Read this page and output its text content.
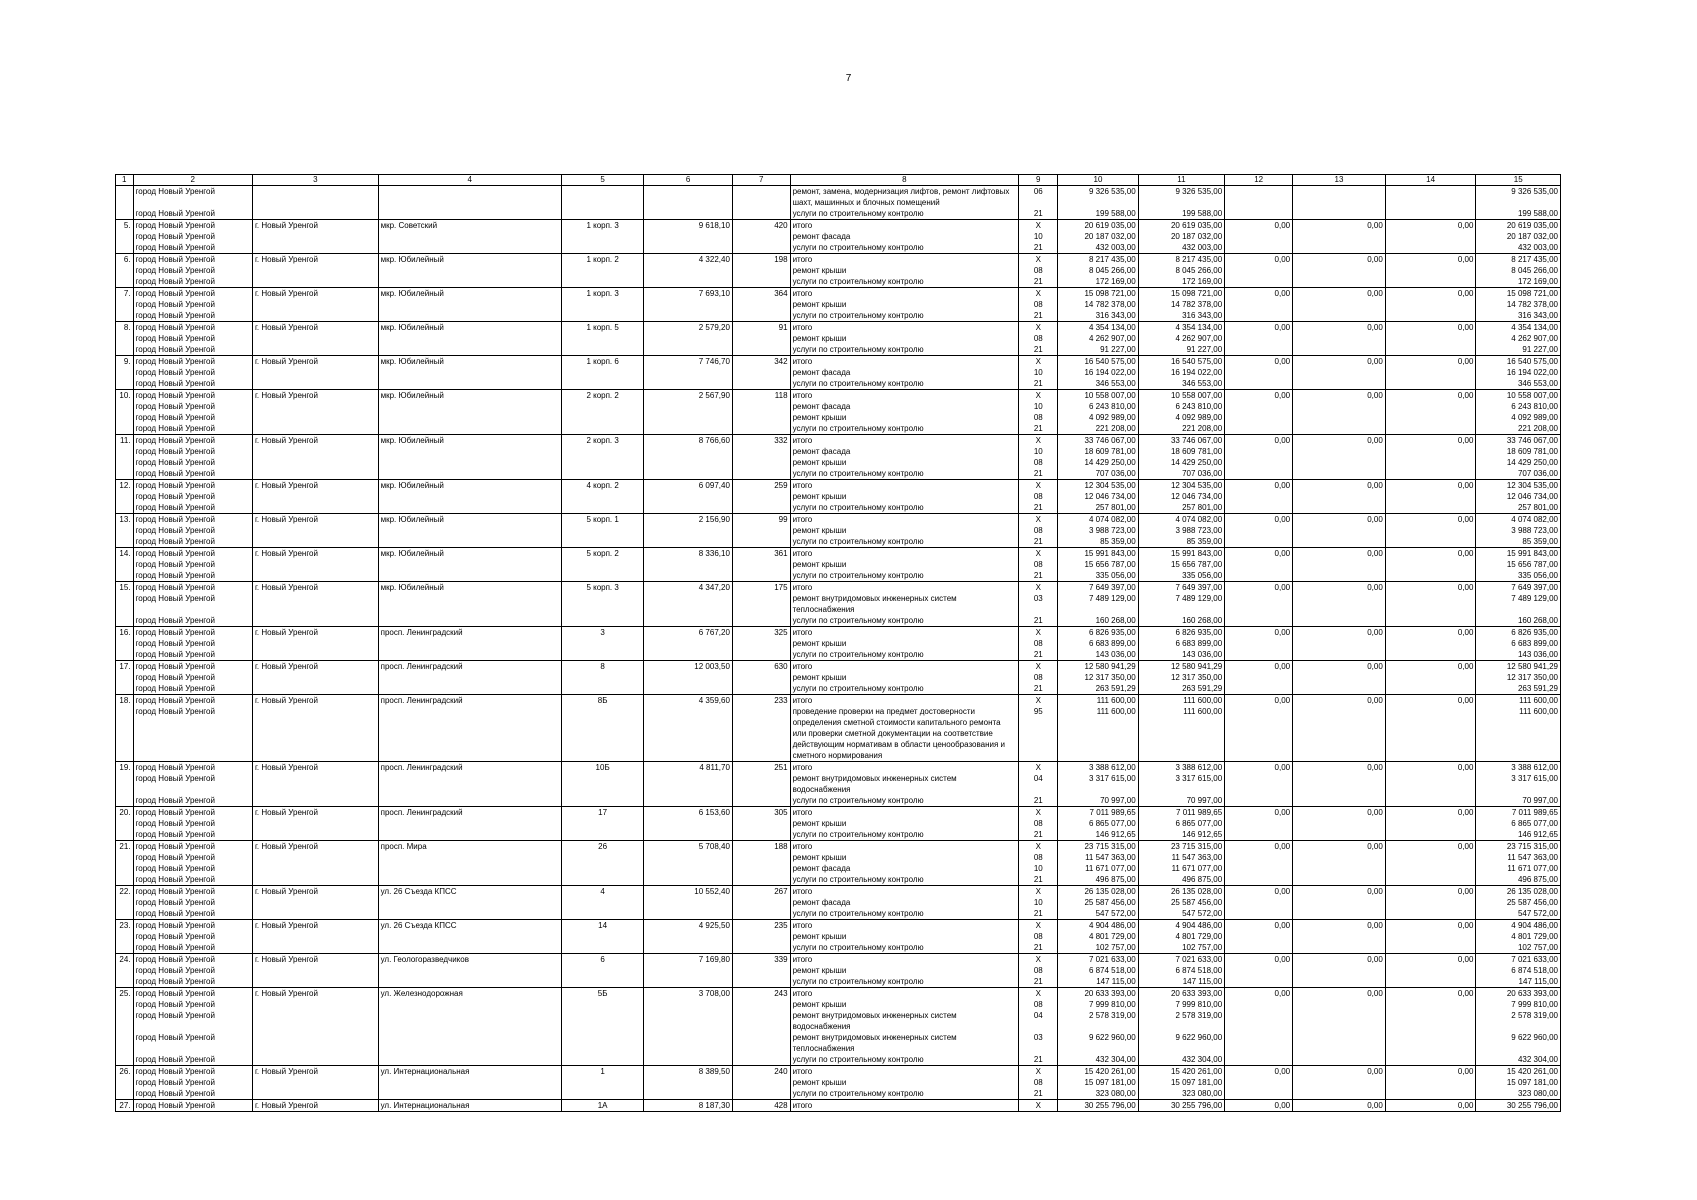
7
1	2	3	4	5	6	7	8	9	10	11	12	13	14	15
	город Новый Уренгой						ремонт, замена, модернизация лифтов, ремонт лифтовых шахт, машинных и блочных помещений	06	9 326 535,00	9 326 535,00				9 326 535,00
	город Новый Уренгой						услуги по строительному контролю	21	199 588,00	199 588,00				199 588,00
5.	город Новый Уренгой	г. Новый Уренгой	мкр. Советский	1 корп. 3	9 618,10	420	итого	X	20 619 035,00	20 619 035,00	0,00	0,00	0,00	20 619 035,00
	город Новый Уренгой						ремонт фасада	10	20 187 032,00	20 187 032,00				20 187 032,00
	город Новый Уренгой						услуги по строительному контролю	21	432 003,00	432 003,00				432 003,00
6.	город Новый Уренгой	г. Новый Уренгой	мкр. Юбилейный	1 корп. 2	4 322,40	198	итого	X	8 217 435,00	8 217 435,00	0,00	0,00	0,00	8 217 435,00
	город Новый Уренгой						ремонт крыши	08	8 045 266,00	8 045 266,00				8 045 266,00
	город Новый Уренгой						услуги по строительному контролю	21	172 169,00	172 169,00				172 169,00
7.	город Новый Уренгой	г. Новый Уренгой	мкр. Юбилейный	1 корп. 3	7 693,10	364	итого	X	15 098 721,00	15 098 721,00	0,00	0,00	0,00	15 098 721,00
	город Новый Уренгой						ремонт крыши	08	14 782 378,00	14 782 378,00				14 782 378,00
	город Новый Уренгой						услуги по строительному контролю	21	316 343,00	316 343,00				316 343,00
8.	город Новый Уренгой	г. Новый Уренгой	мкр. Юбилейный	1 корп. 5	2 579,20	91	итого	X	4 354 134,00	4 354 134,00	0,00	0,00	0,00	4 354 134,00
	город Новый Уренгой						ремонт крыши	08	4 262 907,00	4 262 907,00				4 262 907,00
	город Новый Уренгой						услуги по строительному контролю	21	91 227,00	91 227,00				91 227,00
9.	город Новый Уренгой	г. Новый Уренгой	мкр. Юбилейный	1 корп. 6	7 746,70	342	итого	X	16 540 575,00	16 540 575,00	0,00	0,00	0,00	16 540 575,00
	город Новый Уренгой						ремонт фасада	10	16 194 022,00	16 194 022,00				16 194 022,00
	город Новый Уренгой						услуги по строительному контролю	21	346 553,00	346 553,00				346 553,00
10.	город Новый Уренгой	г. Новый Уренгой	мкр. Юбилейный	2 корп. 2	2 567,90	118	итого	X	10 558 007,00	10 558 007,00	0,00	0,00	0,00	10 558 007,00
	город Новый Уренгой						ремонт фасада	10	6 243 810,00	6 243 810,00				6 243 810,00
	город Новый Уренгой						ремонт крыши	08	4 092 989,00	4 092 989,00				4 092 989,00
	город Новый Уренгой						услуги по строительному контролю	21	221 208,00	221 208,00				221 208,00
11.	город Новый Уренгой	г. Новый Уренгой	мкр. Юбилейный	2 корп. 3	8 766,60	332	итого	X	33 746 067,00	33 746 067,00	0,00	0,00	0,00	33 746 067,00
	город Новый Уренгой						ремонт фасада	10	18 609 781,00	18 609 781,00				18 609 781,00
	город Новый Уренгой						ремонт крыши	08	14 429 250,00	14 429 250,00				14 429 250,00
	город Новый Уренгой						услуги по строительному контролю	21	707 036,00	707 036,00				707 036,00
12.	город Новый Уренгой	г. Новый Уренгой	мкр. Юбилейный	4 корп. 2	6 097,40	259	итого	X	12 304 535,00	12 304 535,00	0,00	0,00	0,00	12 304 535,00
	город Новый Уренгой						ремонт крыши	08	12 046 734,00	12 046 734,00				12 046 734,00
	город Новый Уренгой						услуги по строительному контролю	21	257 801,00	257 801,00				257 801,00
13.	город Новый Уренгой	г. Новый Уренгой	мкр. Юбилейный	5 корп. 1	2 156,90	99	итого	X	4 074 082,00	4 074 082,00	0,00	0,00	0,00	4 074 082,00
	город Новый Уренгой						ремонт крыши	08	3 988 723,00	3 988 723,00				3 988 723,00
	город Новый Уренгой						услуги по строительному контролю	21	85 359,00	85 359,00				85 359,00
14.	город Новый Уренгой	г. Новый Уренгой	мкр. Юбилейный	5 корп. 2	8 336,10	361	итого	X	15 991 843,00	15 991 843,00	0,00	0,00	0,00	15 991 843,00
	город Новый Уренгой						ремонт крыши	08	15 656 787,00	15 656 787,00				15 656 787,00
	город Новый Уренгой						услуги по строительному контролю	21	335 056,00	335 056,00				335 056,00
15.	город Новый Уренгой	г. Новый Уренгой	мкр. Юбилейный	5 корп. 3	4 347,20	175	итого	X	7 649 397,00	7 649 397,00	0,00	0,00	0,00	7 649 397,00
	город Новый Уренгой						ремонт внутридомовых инженерных систем теплоснабжения	03	7 489 129,00	7 489 129,00				7 489 129,00
	город Новый Уренгой						услуги по строительному контролю	21	160 268,00	160 268,00				160 268,00
16.	город Новый Уренгой	г. Новый Уренгой	просп. Ленинградский	3	6 767,20	325	итого	X	6 826 935,00	6 826 935,00	0,00	0,00	0,00	6 826 935,00
	город Новый Уренгой						ремонт крыши	08	6 683 899,00	6 683 899,00				6 683 899,00
	город Новый Уренгой						услуги по строительному контролю	21	143 036,00	143 036,00				143 036,00
17.	город Новый Уренгой	г. Новый Уренгой	просп. Ленинградский	8	12 003,50	630	итого	X	12 580 941,29	12 580 941,29	0,00	0,00	0,00	12 580 941,29
	город Новый Уренгой						ремонт крыши	08	12 317 350,00	12 317 350,00				12 317 350,00
	город Новый Уренгой						услуги по строительному контролю	21	263 591,29	263 591,29				263 591,29
18.	город Новый Уренгой	г. Новый Уренгой	просп. Ленинградский	8Б	4 359,60	233	итого	X	111 600,00	111 600,00	0,00	0,00	0,00	111 600,00
	город Новый Уренгой						проведение проверки на предмет достоверности определения сметной стоимости капитального ремонта или проверки сметной документации на соответствие действующим нормативам в области ценообразования и сметного нормирования	95	111 600,00	111 600,00				111 600,00
19.	город Новый Уренгой	г. Новый Уренгой	просп. Ленинградский	10Б	4 811,70	251	итого	X	3 388 612,00	3 388 612,00	0,00	0,00	0,00	3 388 612,00
	город Новый Уренгой						ремонт внутридомовых инженерных систем водоснабжения	04	3 317 615,00	3 317 615,00				3 317 615,00
	город Новый Уренгой						услуги по строительному контролю	21	70 997,00	70 997,00				70 997,00
20.	город Новый Уренгой	г. Новый Уренгой	просп. Ленинградский	17	6 153,60	305	итого	X	7 011 989,65	7 011 989,65	0,00	0,00	0,00	7 011 989,65
	город Новый Уренгой						ремонт крыши	08	6 865 077,00	6 865 077,00				6 865 077,00
	город Новый Уренгой						услуги по строительному контролю	21	146 912,65	146 912,65				146 912,65
21.	город Новый Уренгой	г. Новый Уренгой	просп. Мира	26	5 708,40	188	итого	X	23 715 315,00	23 715 315,00	0,00	0,00	0,00	23 715 315,00
	город Новый Уренгой						ремонт крыши	08	11 547 363,00	11 547 363,00				11 547 363,00
	город Новый Уренгой						ремонт фасада	10	11 671 077,00	11 671 077,00				11 671 077,00
	город Новый Уренгой						услуги по строительному контролю	21	496 875,00	496 875,00				496 875,00
22.	город Новый Уренгой	г. Новый Уренгой	ул. 26 Съезда КПСС	4	10 552,40	267	итого	X	26 135 028,00	26 135 028,00	0,00	0,00	0,00	26 135 028,00
	город Новый Уренгой						ремонт фасада	10	25 587 456,00	25 587 456,00				25 587 456,00
	город Новый Уренгой						услуги по строительному контролю	21	547 572,00	547 572,00				547 572,00
23.	город Новый Уренгой	г. Новый Уренгой	ул. 26 Съезда КПСС	14	4 925,50	235	итого	X	4 904 486,00	4 904 486,00	0,00	0,00	0,00	4 904 486,00
	город Новый Уренгой						ремонт крыши	08	4 801 729,00	4 801 729,00				4 801 729,00
	город Новый Уренгой						услуги по строительному контролю	21	102 757,00	102 757,00				102 757,00
24.	город Новый Уренгой	г. Новый Уренгой	ул. Геологоразведчиков	6	7 169,80	339	итого	X	7 021 633,00	7 021 633,00	0,00	0,00	0,00	7 021 633,00
	город Новый Уренгой						ремонт крыши	08	6 874 518,00	6 874 518,00				6 874 518,00
	город Новый Уренгой						услуги по строительному контролю	21	147 115,00	147 115,00				147 115,00
25.	город Новый Уренгой	г. Новый Уренгой	ул. Железнодорожная	5Б	3 708,00	243	итого	X	20 633 393,00	20 633 393,00	0,00	0,00	0,00	20 633 393,00
	город Новый Уренгой						ремонт крыши	08	7 999 810,00	7 999 810,00				7 999 810,00
	город Новый Уренгой						ремонт внутридомовых инженерных систем водоснабжения	04	2 578 319,00	2 578 319,00				2 578 319,00
	город Новый Уренгой						ремонт внутридомовых инженерных систем теплоснабжения	03	9 622 960,00	9 622 960,00				9 622 960,00
	город Новый Уренгой						услуги по строительному контролю	21	432 304,00	432 304,00				432 304,00
26.	город Новый Уренгой	г. Новый Уренгой	ул. Интернациональная	1	8 389,50	240	итого	X	15 420 261,00	15 420 261,00	0,00	0,00	0,00	15 420 261,00
	город Новый Уренгой						ремонт крыши	08	15 097 181,00	15 097 181,00				15 097 181,00
	город Новый Уренгой						услуги по строительному контролю	21	323 080,00	323 080,00				323 080,00
27.	город Новый Уренгой	г. Новый Уренгой	ул. Интернациональная	1А	8 187,30	428	итого	X	30 255 796,00	30 255 796,00	0,00	0,00	0,00	30 255 796,00
